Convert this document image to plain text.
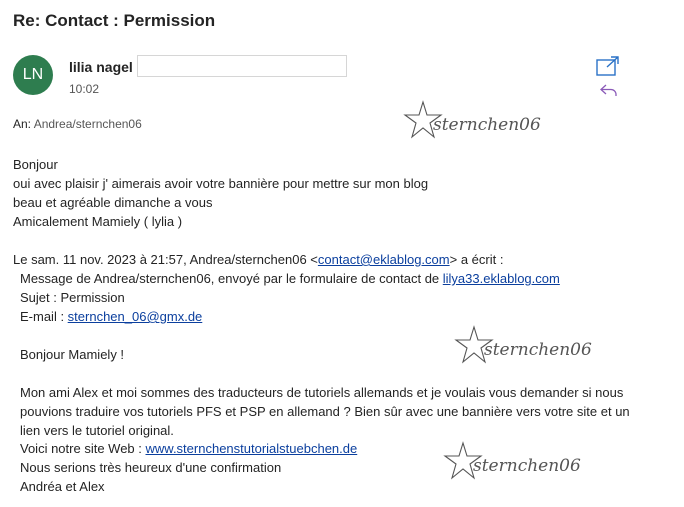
Re: Contact : Permission
LN	lilia nagel
10:02
An: Andrea/sternchen06	sternchen06
sternchen06
sternchen06
Bonjour
oui avec plaisir j' aimerais avoir votre bannière pour mettre sur mon blog
beau et agréable dimanche a vous
Amicalement Mamiely ( lylia )
Le sam. 11 nov. 2023 à 21:57, Andrea/sternchen06 <contact@eklablog.com> a écrit :
Message de Andrea/sternchen06, envoyé par le formulaire de contact de lilya33.eklablog.com
Sujet : Permission
E-mail : sternchen_06@gmx.de
Bonjour Mamiely !
Mon ami Alex et moi sommes des traducteurs de tutoriels allemands et je voulais vous demander si nous
pouvions traduire vos tutoriels PFS et PSP en allemand ? Bien sûr avec une bannière vers votre site et un
lien vers le tutoriel original.
Voici notre site Web : www.sternchenstutorialstuebchen.de
Nous serions très heureux d'une confirmation
Andréa et Alex
